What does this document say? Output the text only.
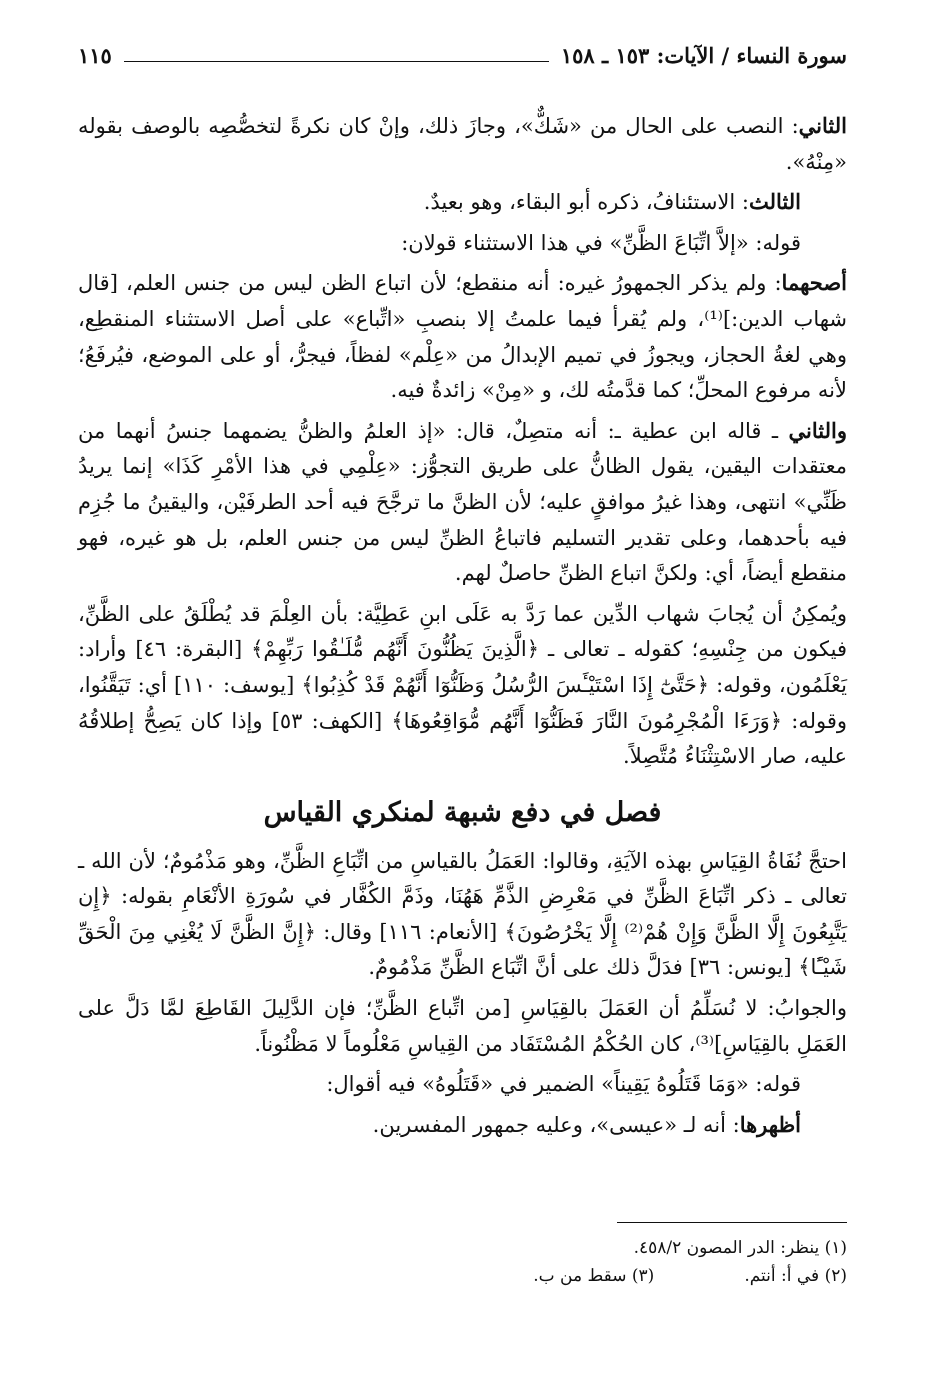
سورة النساء / الآيات: ١٥٣ ـ ١٥٨
١١٥

الثاني: النصب على الحال من «شَكٌّ»، وجازَ ذلك، وإنْ كان نكرةً لتخصُّصِه بالوصف بقوله «مِنْهُ».

الثالث: الاستئنافُ، ذكره أبو البقاء، وهو بعيدٌ.

قوله: «إلاَّ اتِّبَاعَ الظَّنِّ» في هذا الاستثناء قولان:

أصحهما: ولم يذكر الجمهورُ غيره: أنه منقطع؛ لأن اتباع الظن ليس من جنس العلم، [قال شهاب الدين:]⁽¹⁾، ولم يُقرأ فيما علمتُ إلا بنصبِ «اتِّباع» على أصل الاستثناء المنقطِع، وهي لغةُ الحجاز، ويجوزُ في تميم الإبدالُ من «عِلْم» لفظاً، فيجرُّ، أو على الموضع، فيُرفَعُ؛ لأنه مرفوع المحلِّ؛ كما قدَّمتُه لك، و «مِنْ» زائدةٌ فيه.

والثاني ـ قاله ابن عطية ـ: أنه متصِلٌ، قال: «إذ العلمُ والظنُّ يضمهما جنسُ أنهما من معتقدات اليقين، يقول الظانُّ على طريق التجوُّز: «عِلْمِي في هذا الأمْرِ كَذَا» إنما يريدُ ظَنِّي» انتهى، وهذا غيرُ موافقٍ عليه؛ لأن الظنَّ ما ترجَّحَ فيه أحد الطرفَيْن، واليقينُ ما جُزِم فيه بأحدهما، وعلى تقدير التسليم فاتباعُ الظنِّ ليس من جنس العلم، بل هو غيره، فهو منقطع أيضاً، أي: ولكنَّ اتباع الظنِّ حاصلٌ لهم.

ويُمكِنُ أن يُجابَ شهاب الدِّين عما رَدَّ به عَلَى ابنِ عَطِيَّة: بأن العِلْمَ قد يُطْلَقُ على الظَّنِّ، فيكون من جِنْسِهِ؛ كقوله ـ تعالى ـ ﴿الَّذِينَ يَظُنُّونَ أَنَّهُم مُّلَـٰقُوا رَبِّهِمْ﴾ [البقرة: ٤٦] وأراد: يَعْلَمُون، وقوله: ﴿حَتَّىٰٓ إِذَا اسْتَيْـَٔسَ الرُّسُلُ وَظَنُّوٓا أَنَّهُمْ قَدْ كُذِبُوا﴾ [يوسف: ١١٠] أي: تَيَقَّنُوا، وقوله: ﴿وَرَءَا الْمُجْرِمُونَ النَّارَ فَظَنُّوٓا أَنَّهُم مُّوَاقِعُوهَا﴾ [الكهف: ٥٣] وإذا كان يَصِحُّ إطلاقُهُ عليه، صار الاسْتِثْنَاءُ مُتَّصِلاً.

فصل في دفع شبهة لمنكري القياس

احتجَّ نُفَاةُ القِيَاسِ بهذه الآيَةِ، وقالوا: العَمَلُ بالقياسِ من اتِّبَاعِ الظَّنِّ، وهو مَذْمُومٌ؛ لأن الله ـ تعالى ـ ذكر اتِّبَاعَ الظَّنِّ في مَعْرِضِ الذَّمِّ هَهُنَا، وذَمَّ الكُفَّار في سُورَةِ الأنْعَامِ بقوله: ﴿إِن يَتَّبِعُونَ إِلَّا الظَّنَّ وَإِنْ هُمْ⁽²⁾ إِلَّا يَخْرُصُونَ﴾ [الأنعام: ١١٦] وقال: ﴿إِنَّ الظَّنَّ لَا يُغْنِي مِنَ الْحَقِّ شَيْـًٔا﴾ [يونس: ٣٦] فدَلَّ ذلك على أنَّ اتِّبَاع الظَّنِّ مَذْمُومٌ.

والجوابُ: لا نُسَلِّمُ أن العَمَلَ بالقِيَاسِ [من اتِّباع الظَّنِّ؛ فإن الدَّلِيلَ القَاطِعَ لمَّا دَلَّ على العَمَلِ بالقِيَاسِ]⁽³⁾، كان الحُكْمُ المُسْتَفَاد من القِياسِ مَعْلُوماً لا مَظْنُوناً.

قوله: «وَمَا قَتَلُوهُ يَقِيناً» الضمير في «قَتَلُوهُ» فيه أقوال:

أظهرها: أنه لـ «عيسى»، وعليه جمهور المفسرين.

(١) ينظر: الدر المصون ٤٥٨/٢.
(٢) في أ: أنتم.
(٣) سقط من ب.
